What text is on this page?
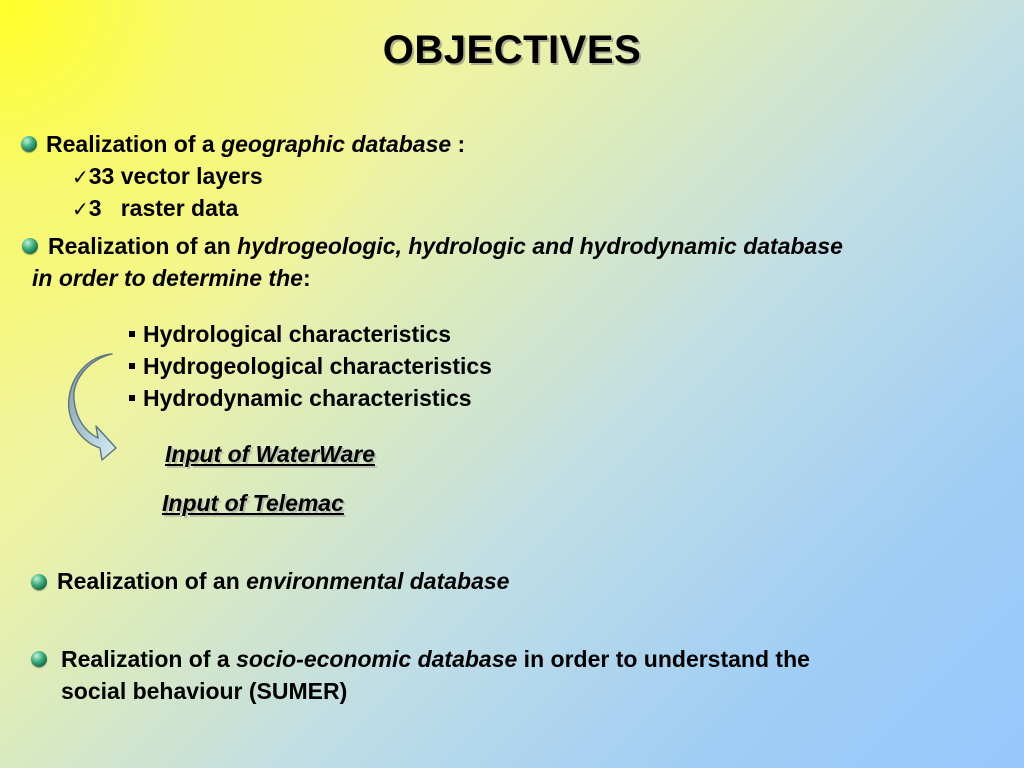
OBJECTIVES
Realization of a geographic database :
✓33 vector layers
✓3   raster data
Realization of an hydrogeologic, hydrologic and hydrodynamic database
in order to determine the:
Hydrological characteristics
Hydrogeological characteristics
Hydrodynamic characteristics
Input of WaterWare
Input of Telemac
Realization of an environmental database
Realization of a socio-economic database in order to understand the
social behaviour (SUMER)
